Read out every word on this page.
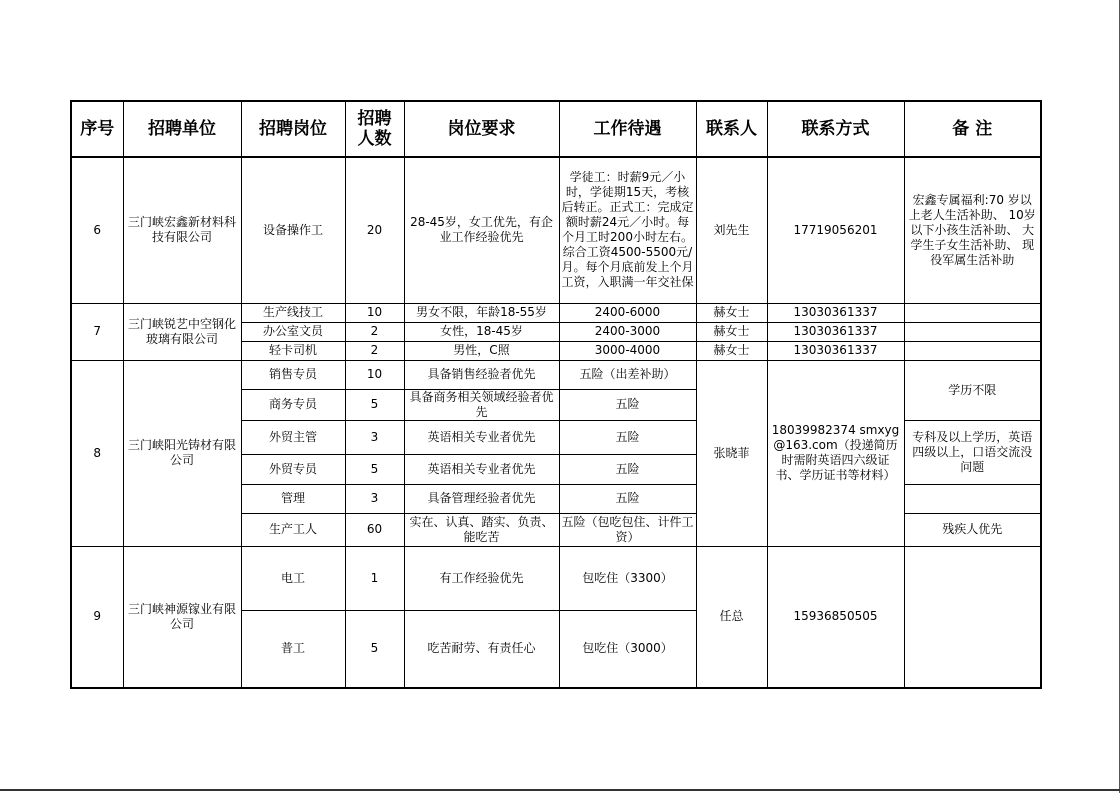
序号	招聘单位	招聘岗位	招聘人数	岗位要求	工作待遇	联系人	联系方式	备 注
6	三门峡宏鑫新材料科技有限公司	设备操作工	20	28-45岁，女工优先，有企业工作经验优先	学徒工：时薪9元／小时，学徒期15天，考核后转正。正式工：完成定额时薪24元／小时。每个月工时200小时左右。综合工资4500-5500元/月。每个月底前发上个月工资，入职满一年交社保	刘先生	17719056201	宏鑫专属福利:70 岁以上老人生活补助、 10岁以下小孩生活补助、 大学生子女生活补助、 现役军属生活补助
7	三门峡锐艺中空钢化玻璃有限公司	生产线技工	10	男女不限，年龄18-55岁	2400-6000	赫女士	13030361337	
		办公室文员	2	女性，18-45岁	2400-3000	赫女士	13030361337	
		轻卡司机	2	男性，C照	3000-4000	赫女士	13030361337	
8	三门峡阳光铸材有限公司	销售专员	10	具备销售经验者优先	五险（出差补助）	张晓菲	18039982374 smxyg@163.com（投递简历时需附英语四六级证书、学历证书等材料）	学历不限
		商务专员	5	具备商务相关领域经验者优先	五险			
		外贸主管	3	英语相关专业者优先	五险			专科及以上学历，英语四级以上，口语交流没问题
		外贸专员	5	英语相关专业者优先	五险			
		管理	3	具备管理经验者优先	五险			
		生产工人	60	实在、认真、踏实、负责、能吃苦	五险（包吃包住、计件工资）			残疾人优先
9	三门峡神源镓业有限公司	电工	1	有工作经验优先	包吃住（3300）	任总	15936850505	
		普工	5	吃苦耐劳、有责任心	包吃住（3000）			
